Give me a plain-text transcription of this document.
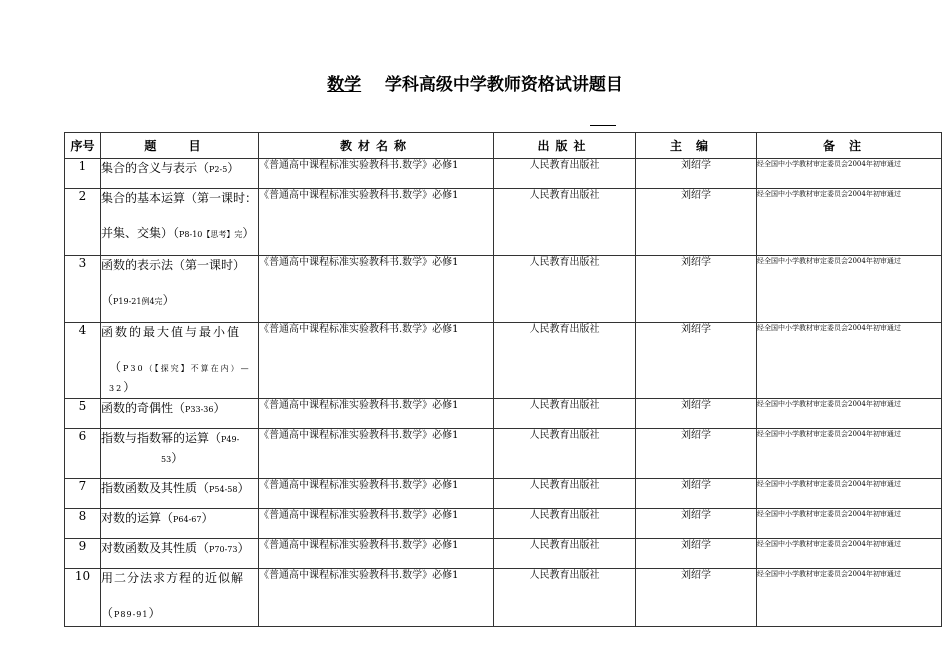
数学 学科高级中学教师资格试讲题目
序号	题 目	教材名称	出版社	主编	备注
1	集合的含义与表示（P2-5）	《普通高中课程标准实验教科书.数学》必修1	人民教育出版社	刘绍学	经全国中小学教材审定委员会2004年初审通过
2	集合的基本运算（第一课时：
并集、交集）（P8-10【思考】完）	《普通高中课程标准实验教科书.数学》必修1	人民教育出版社	刘绍学	经全国中小学教材审定委员会2004年初审通过
3	函数的表示法（第一课时）
（P19-21例4完）	《普通高中课程标准实验教科书.数学》必修1	人民教育出版社	刘绍学	经全国中小学教材审定委员会2004年初审通过
4	函数的最大值与最小值
（P30（【探究】不算在内）—32）	《普通高中课程标准实验教科书.数学》必修1	人民教育出版社	刘绍学	经全国中小学教材审定委员会2004年初审通过
5	函数的奇偶性（P33-36）	《普通高中课程标准实验教科书.数学》必修1	人民教育出版社	刘绍学	经全国中小学教材审定委员会2004年初审通过
6	指数与指数幂的运算（P49-
53）	《普通高中课程标准实验教科书.数学》必修1	人民教育出版社	刘绍学	经全国中小学教材审定委员会2004年初审通过
7	指数函数及其性质（P54-58）	《普通高中课程标准实验教科书.数学》必修1	人民教育出版社	刘绍学	经全国中小学教材审定委员会2004年初审通过
8	对数的运算（P64-67）	《普通高中课程标准实验教科书.数学》必修1	人民教育出版社	刘绍学	经全国中小学教材审定委员会2004年初审通过
9	对数函数及其性质（P70-73）	《普通高中课程标准实验教科书.数学》必修1	人民教育出版社	刘绍学	经全国中小学教材审定委员会2004年初审通过
10	用二分法求方程的近似解
（P89-91）	《普通高中课程标准实验教科书.数学》必修1	人民教育出版社	刘绍学	经全国中小学教材审定委员会2004年初审通过
